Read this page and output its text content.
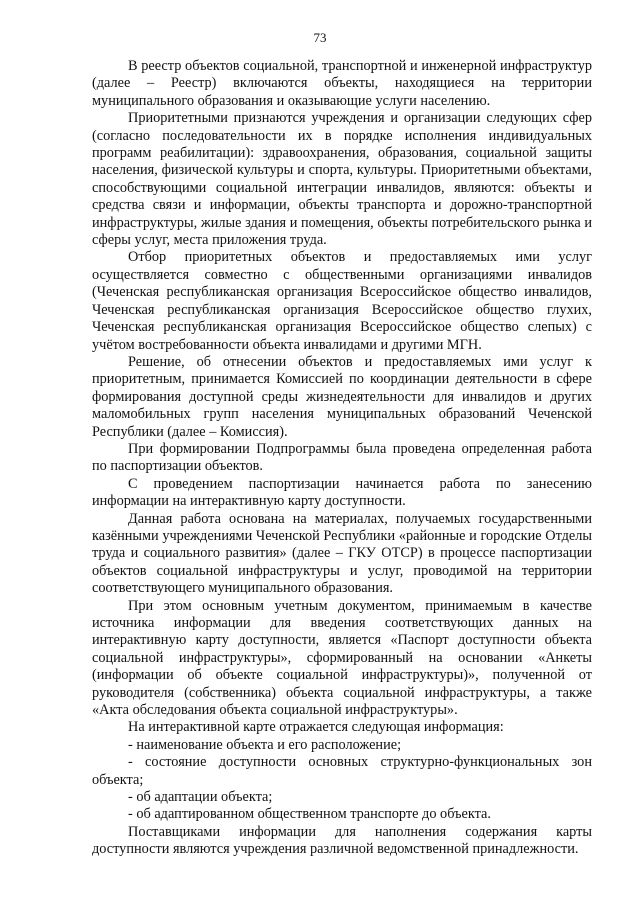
73

В реестр объектов социальной, транспортной и инженерной инфраструктур (далее – Реестр) включаются объекты, находящиеся на территории муниципального образования и оказывающие услуги населению.

Приоритетными признаются учреждения и организации следующих сфер (согласно последовательности их в порядке исполнения индивидуальных программ реабилитации): здравоохранения, образования, социальной защиты населения, физической культуры и спорта, культуры. Приоритетными объектами, способствующими социальной интеграции инвалидов, являются: объекты и средства связи и информации, объекты транспорта и дорожно-транспортной инфраструктуры, жилые здания и помещения, объекты потребительского рынка и сферы услуг, места приложения труда.

Отбор приоритетных объектов и предоставляемых ими услуг осуществляется совместно с общественными организациями инвалидов (Чеченская республиканская организация Всероссийское общество инвалидов, Чеченская республиканская организация Всероссийское общество глухих, Чеченская республиканская организация Всероссийское общество слепых) с учётом востребованности объекта инвалидами и другими МГН.

Решение, об отнесении объектов и предоставляемых ими услуг к приоритетным, принимается Комиссией по координации деятельности в сфере формирования доступной среды жизнедеятельности для инвалидов и других маломобильных групп населения муниципальных образований Чеченской Республики (далее – Комиссия).

При формировании Подпрограммы была проведена определенная работа по паспортизации объектов.

С проведением паспортизации начинается работа по занесению информации на интерактивную карту доступности.

Данная работа основана на материалах, получаемых государственными казёнными учреждениями Чеченской Республики «районные и городские Отделы труда и социального развития» (далее – ГКУ ОТСР) в процессе паспортизации объектов социальной инфраструктуры и услуг, проводимой на территории соответствующего муниципального образования.

При этом основным учетным документом, принимаемым в качестве источника информации для введения соответствующих данных на интерактивную карту доступности, является «Паспорт доступности объекта социальной инфраструктуры», сформированный на основании «Анкеты (информации об объекте социальной инфраструктуры)», полученной от руководителя (собственника) объекта социальной инфраструктуры, а также «Акта обследования объекта социальной инфраструктуры».

На интерактивной карте отражается следующая информация:

- наименование объекта и его расположение;

- состояние доступности основных структурно-функциональных зон объекта;

- об адаптации объекта;

- об адаптированном общественном транспорте до объекта.

Поставщиками информации для наполнения содержания карты доступности являются учреждения различной ведомственной принадлежности.
